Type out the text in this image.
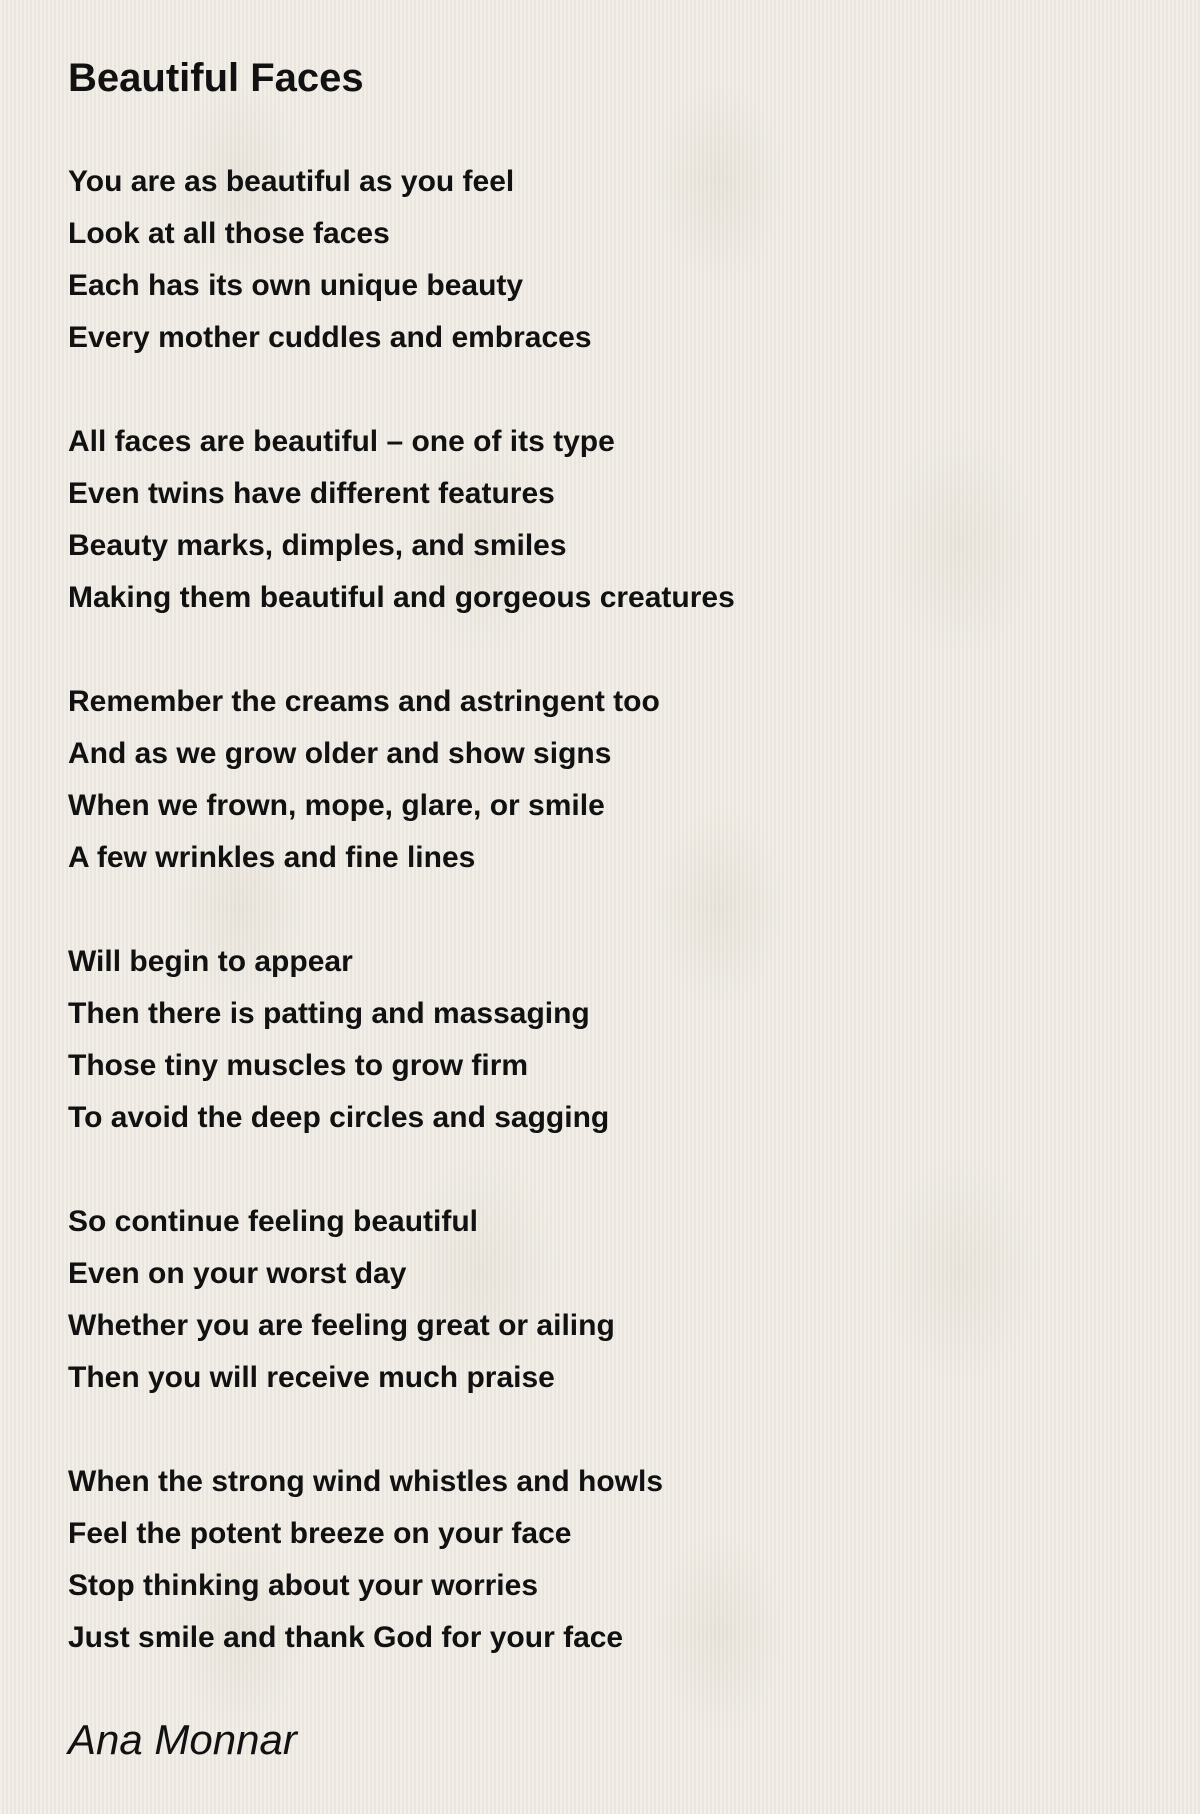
Beautiful Faces
You are as beautiful as you feel
Look at all those faces
Each has its own unique beauty
Every mother cuddles and embraces
All faces are beautiful – one of its type
Even twins have different features
Beauty marks, dimples, and smiles
Making them beautiful and gorgeous creatures
Remember the creams and astringent too
And as we grow older and show signs
When we frown, mope, glare, or smile
A few wrinkles and fine lines
Will begin to appear
Then there is patting and massaging
Those tiny muscles to grow firm
To avoid the deep circles and sagging
So continue feeling beautiful
Even on your worst day
Whether you are feeling great or ailing
Then you will receive much praise
When the strong wind whistles and howls
Feel the potent breeze on your face
Stop thinking about your worries
Just smile and thank God for your face
Ana Monnar
